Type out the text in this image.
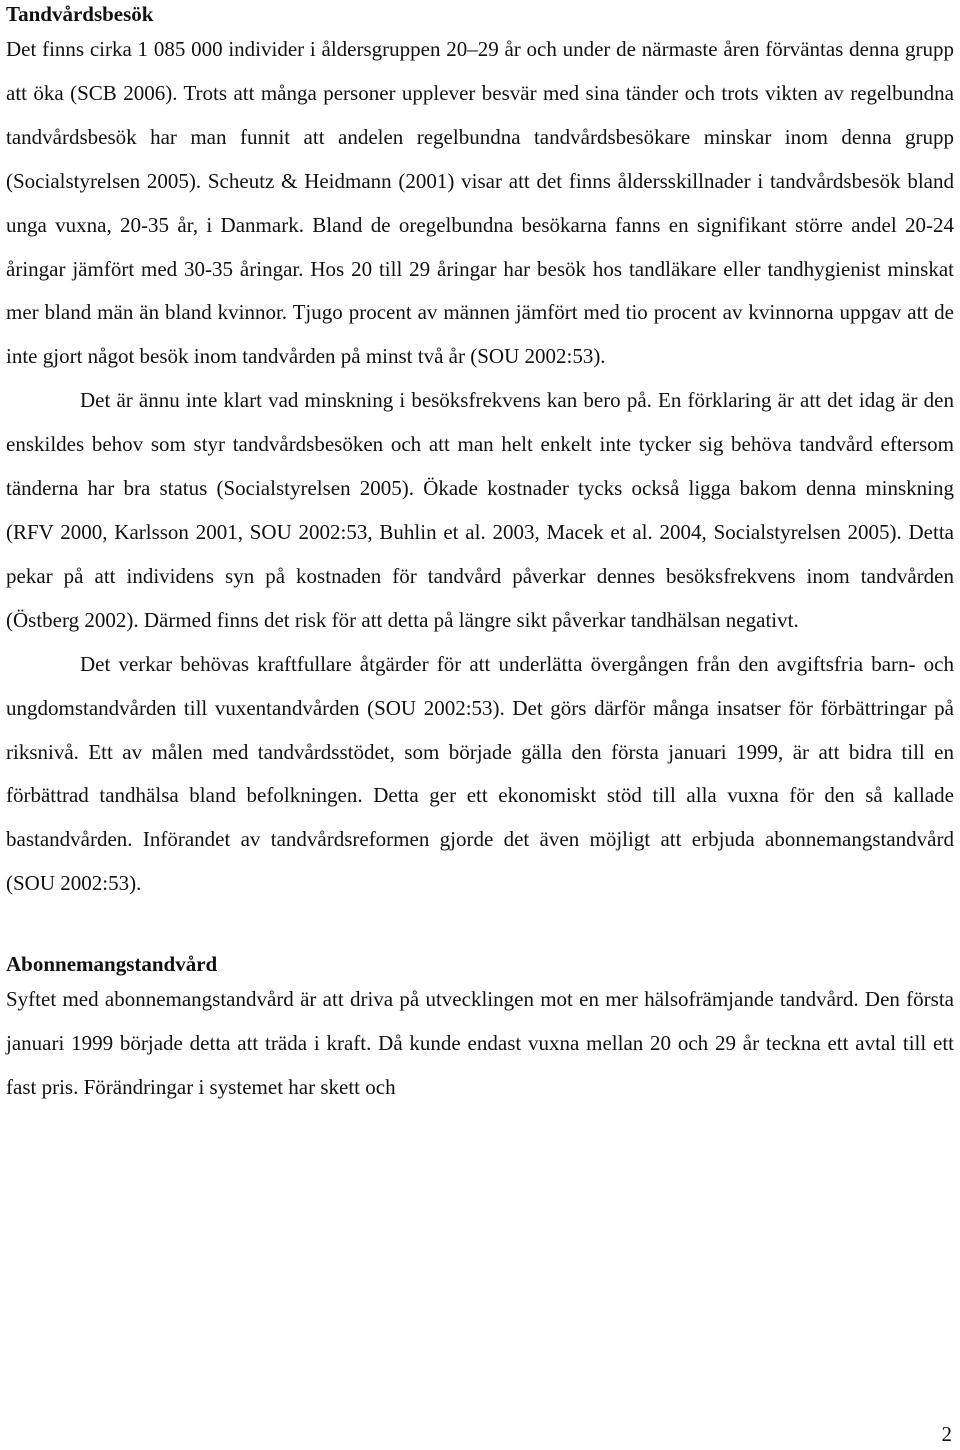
Tandvårdsbesök

Det finns cirka 1 085 000 individer i åldersgruppen 20–29 år och under de närmaste åren förväntas denna grupp att öka (SCB 2006). Trots att många personer upplever besvär med sina tänder och trots vikten av regelbundna tandvårdsbesök har man funnit att andelen regelbundna tandvårdsbesökare minskar inom denna grupp (Socialstyrelsen 2005). Scheutz & Heidmann (2001) visar att det finns åldersskillnader i tandvårdsbesök bland unga vuxna, 20-35 år, i Danmark. Bland de oregelbundna besökarna fanns en signifikant större andel 20-24 åringar jämfört med 30-35 åringar. Hos 20 till 29 åringar har besök hos tandläkare eller tandhygienist minskat mer bland män än bland kvinnor. Tjugo procent av männen jämfört med tio procent av kvinnorna uppgav att de inte gjort något besök inom tandvården på minst två år (SOU 2002:53).

Det är ännu inte klart vad minskning i besöksfrekvens kan bero på. En förklaring är att det idag är den enskildes behov som styr tandvårdsbesöken och att man helt enkelt inte tycker sig behöva tandvård eftersom tänderna har bra status (Socialstyrelsen 2005). Ökade kostnader tycks också ligga bakom denna minskning (RFV 2000, Karlsson 2001, SOU 2002:53, Buhlin et al. 2003, Macek et al. 2004, Socialstyrelsen 2005). Detta pekar på att individens syn på kostnaden för tandvård påverkar dennes besöksfrekvens inom tandvården (Östberg 2002). Därmed finns det risk för att detta på längre sikt påverkar tandhälsan negativt.

Det verkar behövas kraftfullare åtgärder för att underlätta övergången från den avgiftsfria barn- och ungdomstandvården till vuxentandvården (SOU 2002:53). Det görs därför många insatser för förbättringar på riksnivå. Ett av målen med tandvårdsstödet, som började gälla den första januari 1999, är att bidra till en förbättrad tandhälsa bland befolkningen. Detta ger ett ekonomiskt stöd till alla vuxna för den så kallade bastandvården. Införandet av tandvårdsreformen gjorde det även möjligt att erbjuda abonnemangstandvård (SOU 2002:53).

Abonnemangstandvård

Syftet med abonnemangstandvård är att driva på utvecklingen mot en mer hälsofrämjande tandvård. Den första januari 1999 började detta att träda i kraft. Då kunde endast vuxna mellan 20 och 29 år teckna ett avtal till ett fast pris. Förändringar i systemet har skett och

2
